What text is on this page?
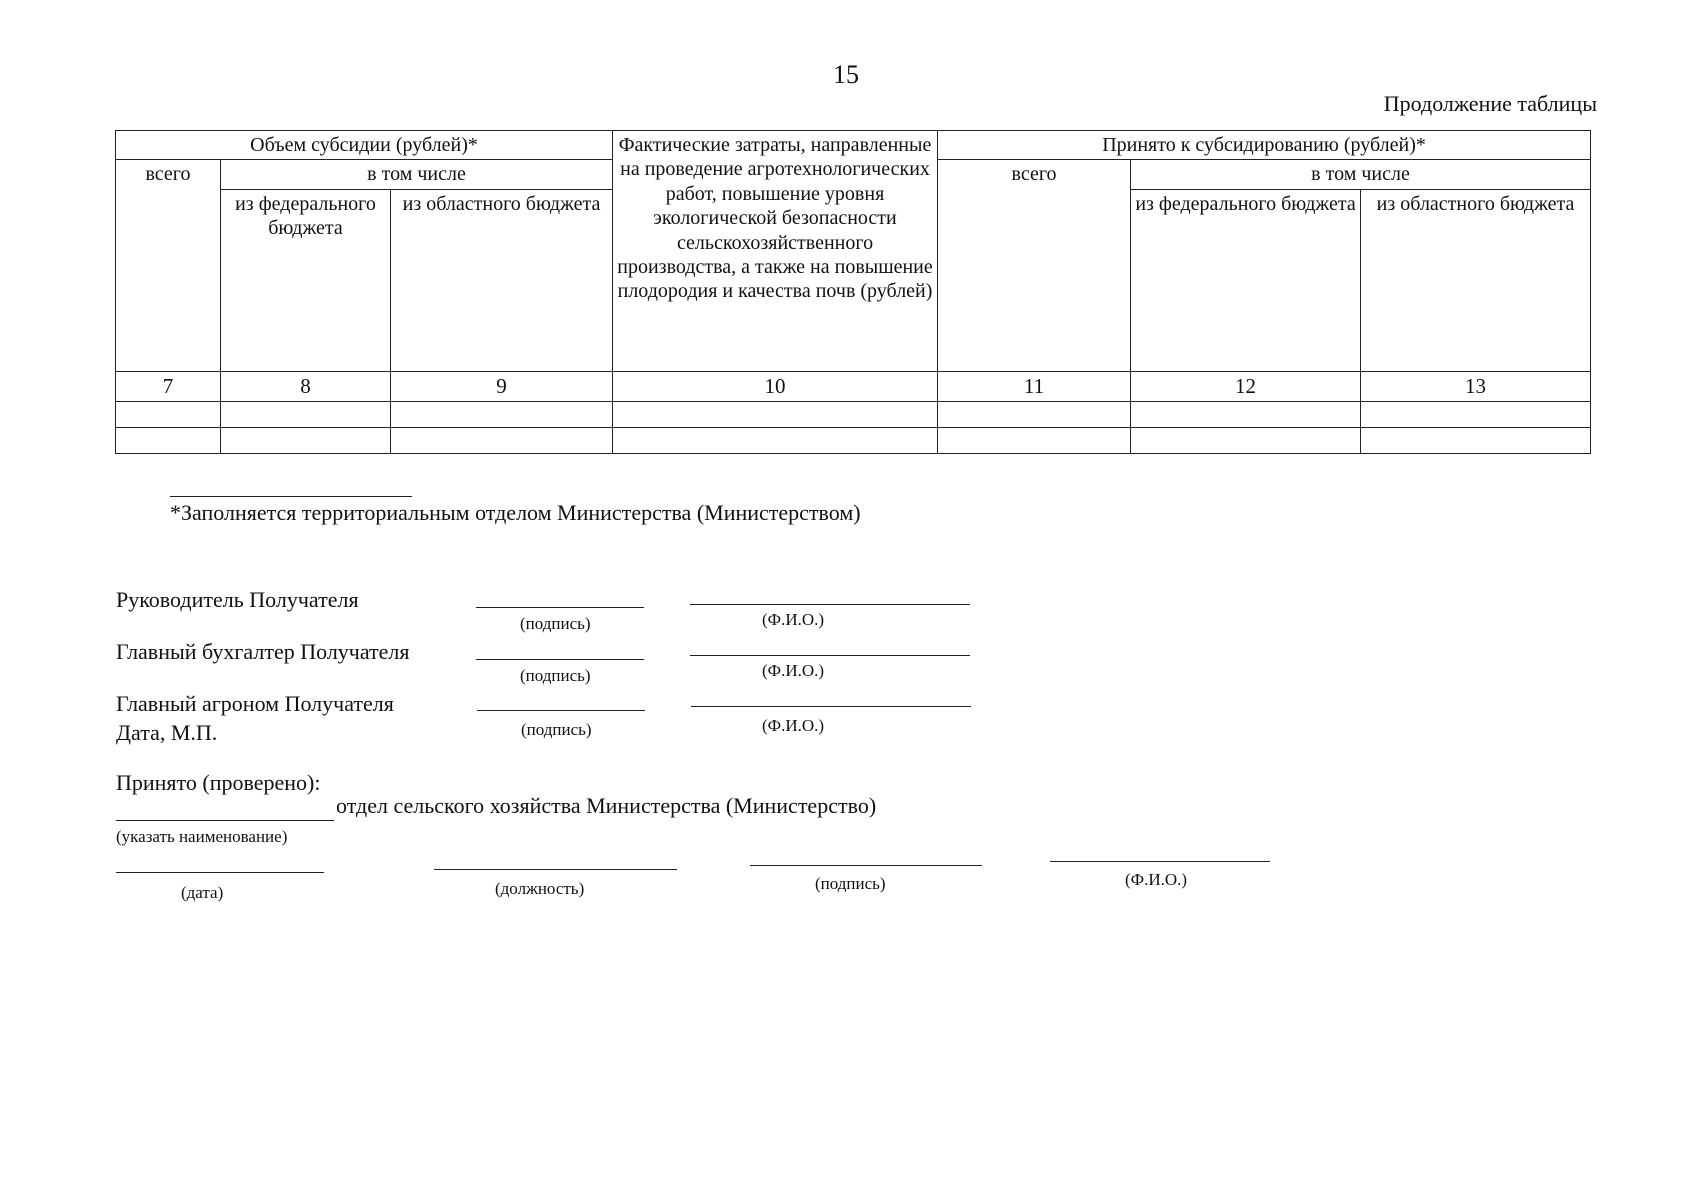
15
Продолжение таблицы
Объем субсидии (рублей)*			Фактические затраты, направленные на проведение агротехнологических работ, повышение уровня экологической безопасности сельскохозяйственного производства, а также на повышение плодородия и качества почв (рублей)	Принято к субсидированию (рублей)*		
всего	в том числе			всего	в том числе	
	из федерального бюджета	из областного бюджета			из федерального бюджета	из областного бюджета
7	8	9	10	11	12	13

*Заполняется территориальным отделом Министерства (Министерством)
Руководитель Получателя
(подпись)	(Ф.И.О.)
Главный бухгалтер Получателя
(подпись)	(Ф.И.О.)
Главный агроном Получателя
Дата, М.П.	(подпись)	(Ф.И.О.)
Принято (проверено):
отдел сельского хозяйства Министерства (Министерство)
(указать наименование)
(дата)	(должность)	(подпись)	(Ф.И.О.)
